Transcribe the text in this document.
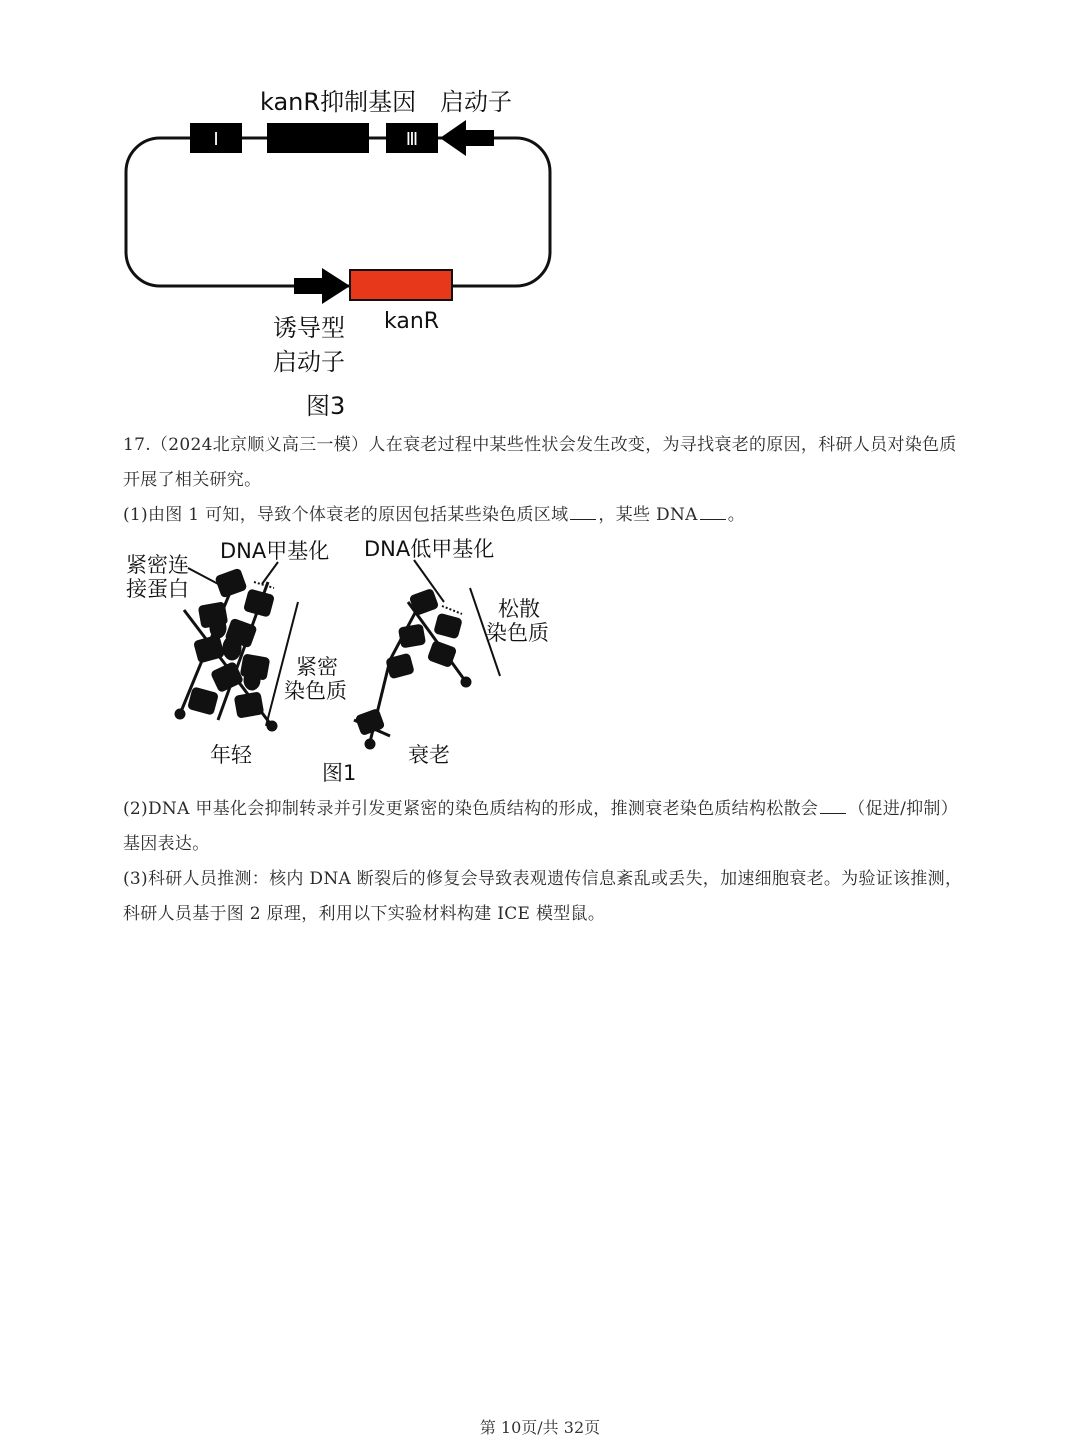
kanR抑制基因 启动子
Ⅰ	Ⅲ
诱导型
启动子
kanR
图3
17.（2024北京顺义高三一模）人在衰老过程中某些性状会发生改变，为寻找衰老的原因，科研人员对染色质开展了相关研究。
(1)由图 1 可知，导致个体衰老的原因包括某些染色质区域 ，某些 DNA 。
紧密连
接蛋白
DNA甲基化 DNA低甲基化
松散
染色质
紧密
染色质
年轻	衰老
图1
(2)DNA 甲基化会抑制转录并引发更紧密的染色质结构的形成，推测衰老染色质结构松散会 （促进/抑制）基因表达。
(3)科研人员推测：核内 DNA 断裂后的修复会导致表观遗传信息紊乱或丢失，加速细胞衰老。为验证该推测，科研人员基于图 2 原理，利用以下实验材料构建 ICE 模型鼠。
第 10页/共 32页
